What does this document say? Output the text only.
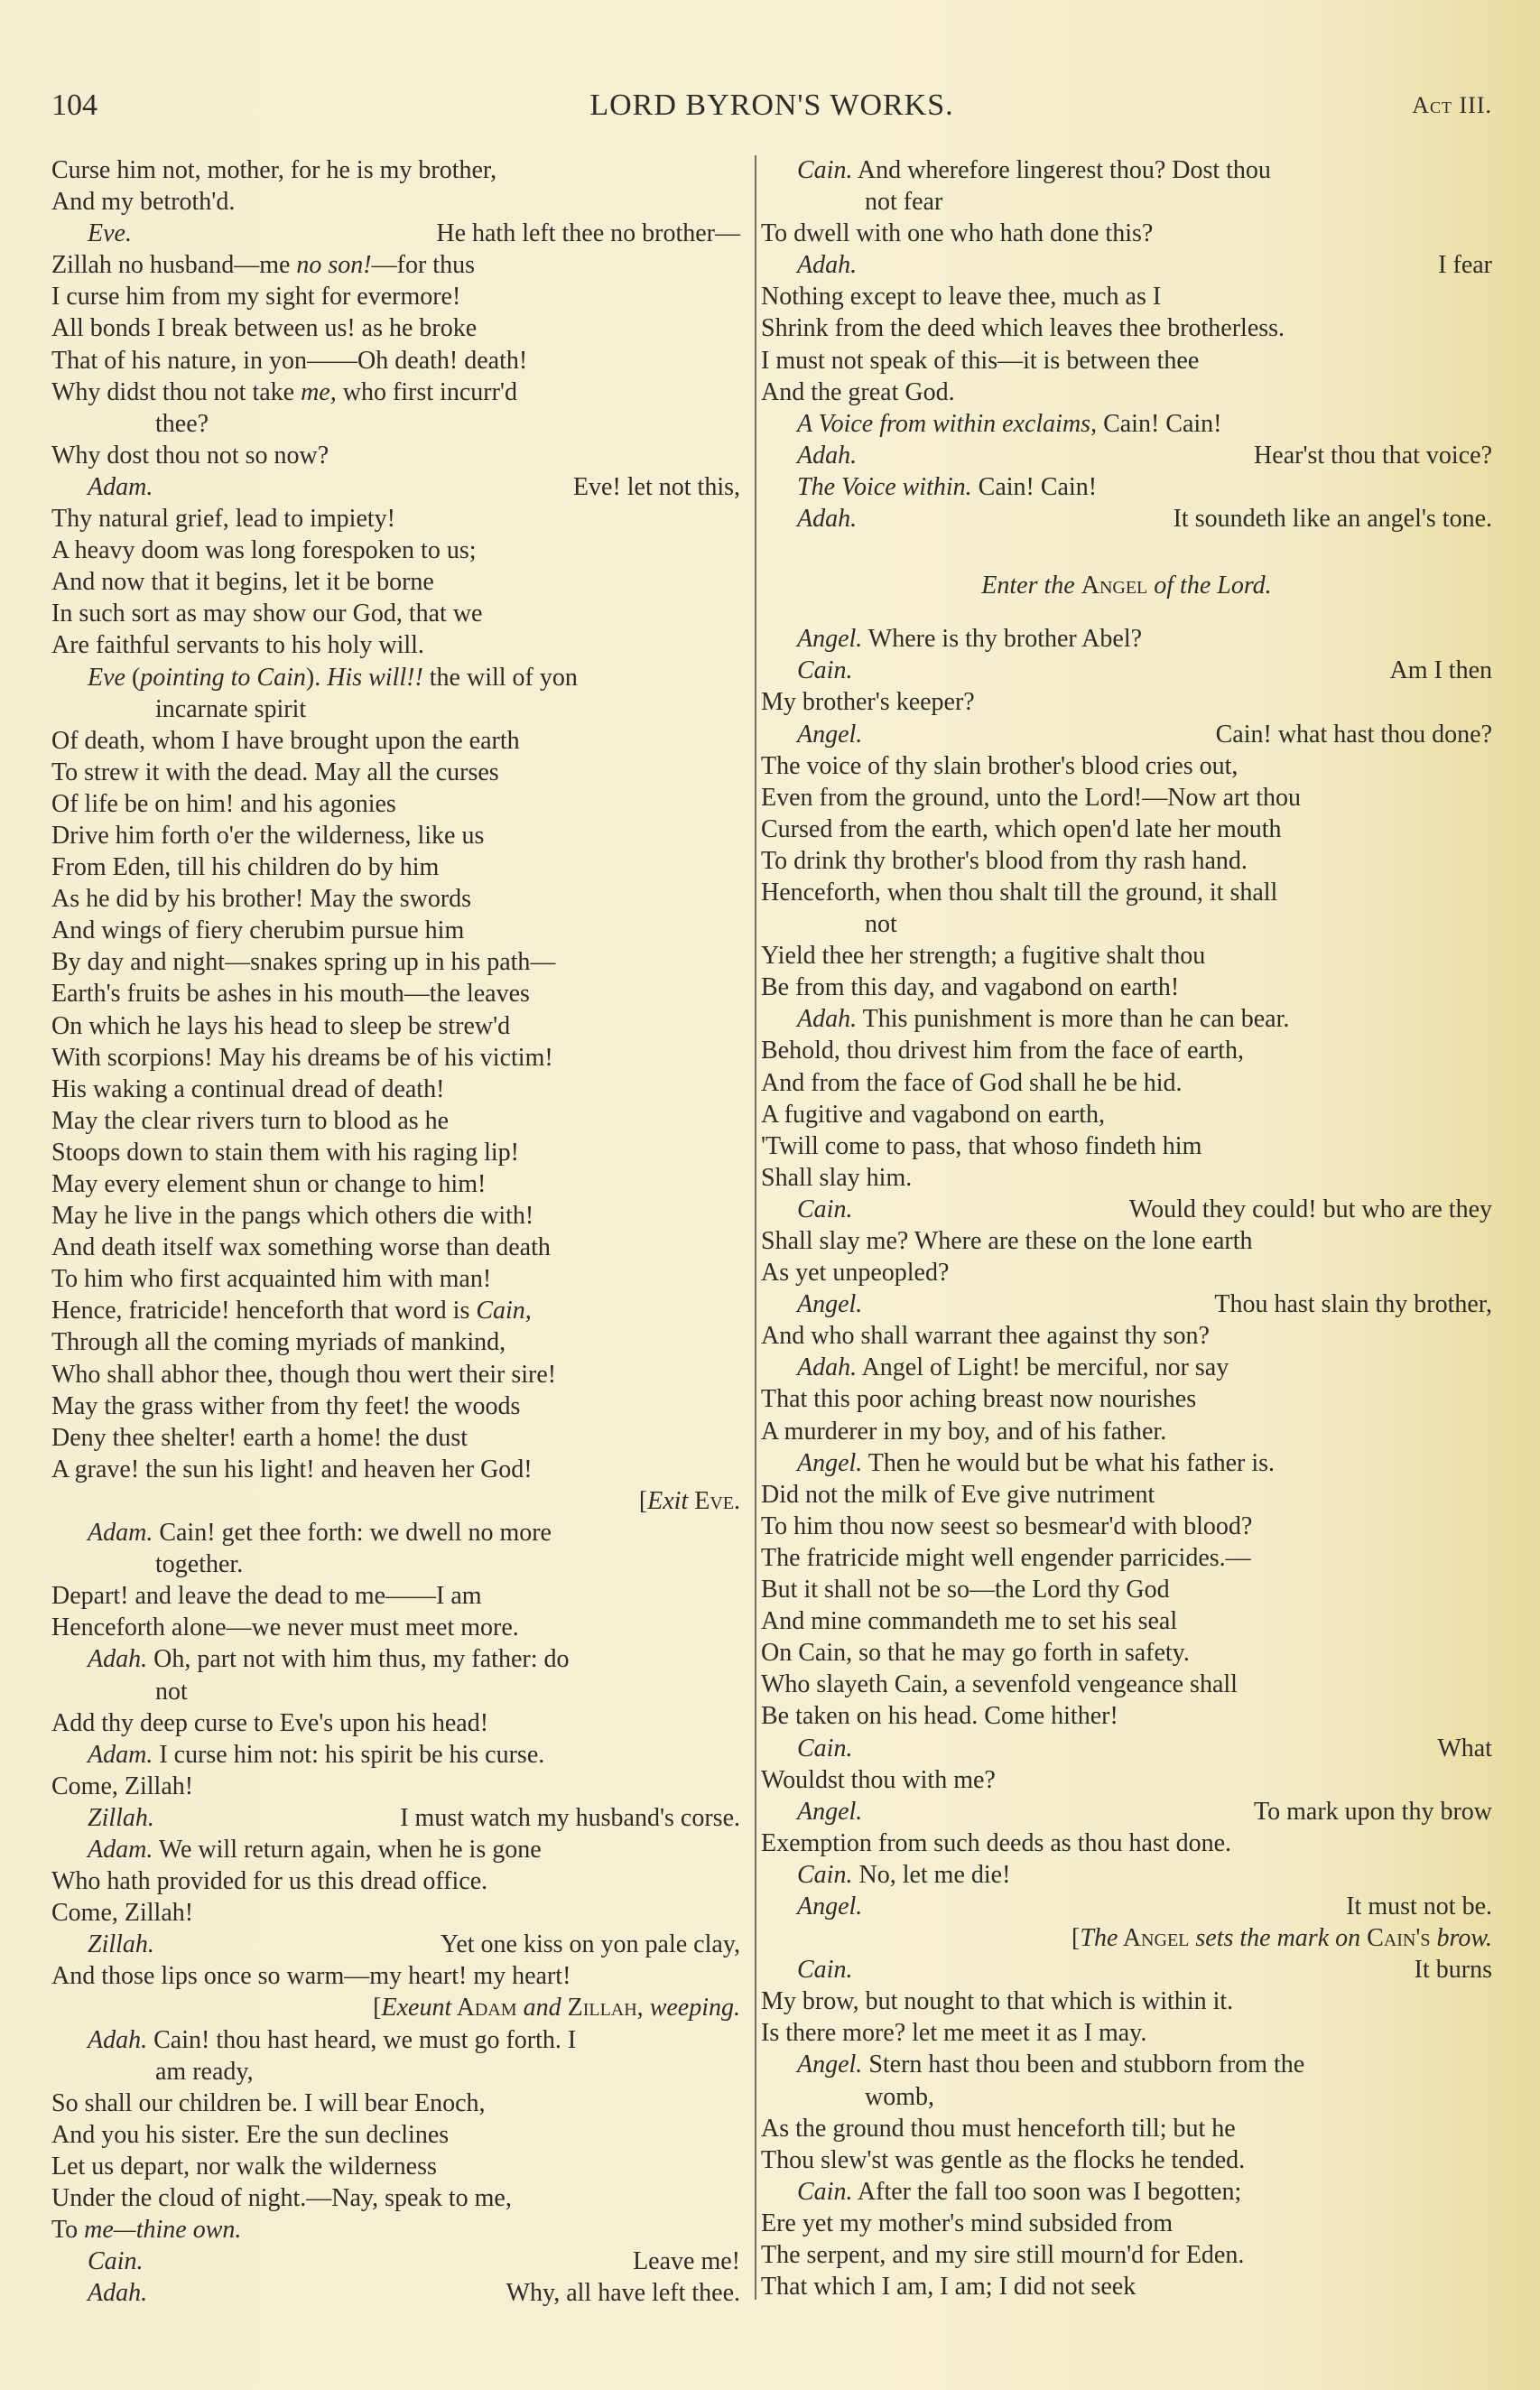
104	LORD BYRON'S WORKS.	Act III.
Curse him not, mother, for he is my brother,
And my betroth'd.
Eve.	He hath left thee no brother—
Zillah no husband—me no son!—for thus
I curse him from my sight for evermore!
All bonds I break between us! as he broke
That of his nature, in yon——Oh death! death!
Why didst thou not take me, who first incurr'd
thee?
Why dost thou not so now?
Adam.	Eve! let not this,
Thy natural grief, lead to impiety!
A heavy doom was long forespoken to us;
And now that it begins, let it be borne
In such sort as may show our God, that we
Are faithful servants to his holy will.
Eve (pointing to Cain). His will!! the will of yon
incarnate spirit
Of death, whom I have brought upon the earth
To strew it with the dead. May all the curses
Of life be on him! and his agonies
Drive him forth o'er the wilderness, like us
From Eden, till his children do by him
As he did by his brother! May the swords
And wings of fiery cherubim pursue him
By day and night—snakes spring up in his path—
Earth's fruits be ashes in his mouth—the leaves
On which he lays his head to sleep be strew'd
With scorpions! May his dreams be of his victim!
His waking a continual dread of death!
May the clear rivers turn to blood as he
Stoops down to stain them with his raging lip!
May every element shun or change to him!
May he live in the pangs which others die with!
And death itself wax something worse than death
To him who first acquainted him with man!
Hence, fratricide! henceforth that word is Cain,
Through all the coming myriads of mankind,
Who shall abhor thee, though thou wert their sire!
May the grass wither from thy feet! the woods
Deny thee shelter! earth a home! the dust
A grave! the sun his light! and heaven her God!
[Exit Eve.
Adam. Cain! get thee forth: we dwell no more
together.
Depart! and leave the dead to me——I am
Henceforth alone—we never must meet more.
Adah. Oh, part not with him thus, my father: do
not
Add thy deep curse to Eve's upon his head!
Adam. I curse him not: his spirit be his curse.
Come, Zillah!
Zillah.	I must watch my husband's corse.
Adam. We will return again, when he is gone
Who hath provided for us this dread office.
Come, Zillah!
Zillah.	Yet one kiss on yon pale clay,
And those lips once so warm—my heart! my heart!
[Exeunt Adam and Zillah, weeping.
Adah. Cain! thou hast heard, we must go forth. I
am ready,
So shall our children be. I will bear Enoch,
And you his sister. Ere the sun declines
Let us depart, nor walk the wilderness
Under the cloud of night.—Nay, speak to me,
To me—thine own.
Cain.	Leave me!
Adah.	Why, all have left thee.
Cain. And wherefore lingerest thou? Dost thou
not fear
To dwell with one who hath done this?
Adah.	I fear
Nothing except to leave thee, much as I
Shrink from the deed which leaves thee brotherless.
I must not speak of this—it is between thee
And the great God.
A Voice from within exclaims, Cain! Cain!
Adah.	Hear'st thou that voice?
The Voice within. Cain! Cain!
Adah.	It soundeth like an angel's tone.
Enter the Angel of the Lord.
Angel. Where is thy brother Abel?
Cain.	Am I then
My brother's keeper?
Angel.	Cain! what hast thou done?
The voice of thy slain brother's blood cries out,
Even from the ground, unto the Lord!—Now art thou
Cursed from the earth, which open'd late her mouth
To drink thy brother's blood from thy rash hand.
Henceforth, when thou shalt till the ground, it shall
not
Yield thee her strength; a fugitive shalt thou
Be from this day, and vagabond on earth!
Adah. This punishment is more than he can bear.
Behold, thou drivest him from the face of earth,
And from the face of God shall he be hid.
A fugitive and vagabond on earth,
'Twill come to pass, that whoso findeth him
Shall slay him.
Cain.	Would they could! but who are they
Shall slay me? Where are these on the lone earth
As yet unpeopled?
Angel.	Thou hast slain thy brother,
And who shall warrant thee against thy son?
Adah. Angel of Light! be merciful, nor say
That this poor aching breast now nourishes
A murderer in my boy, and of his father.
Angel. Then he would but be what his father is.
Did not the milk of Eve give nutriment
To him thou now seest so besmear'd with blood?
The fratricide might well engender parricides.—
But it shall not be so—the Lord thy God
And mine commandeth me to set his seal
On Cain, so that he may go forth in safety.
Who slayeth Cain, a sevenfold vengeance shall
Be taken on his head. Come hither!
Cain.	What
Wouldst thou with me?
Angel.	To mark upon thy brow
Exemption from such deeds as thou hast done.
Cain. No, let me die!
Angel.	It must not be.
[The Angel sets the mark on Cain's brow.
Cain.	It burns
My brow, but nought to that which is within it.
Is there more? let me meet it as I may.
Angel. Stern hast thou been and stubborn from the
womb,
As the ground thou must henceforth till; but he
Thou slew'st was gentle as the flocks he tended.
Cain. After the fall too soon was I begotten;
Ere yet my mother's mind subsided from
The serpent, and my sire still mourn'd for Eden.
That which I am, I am; I did not seek
